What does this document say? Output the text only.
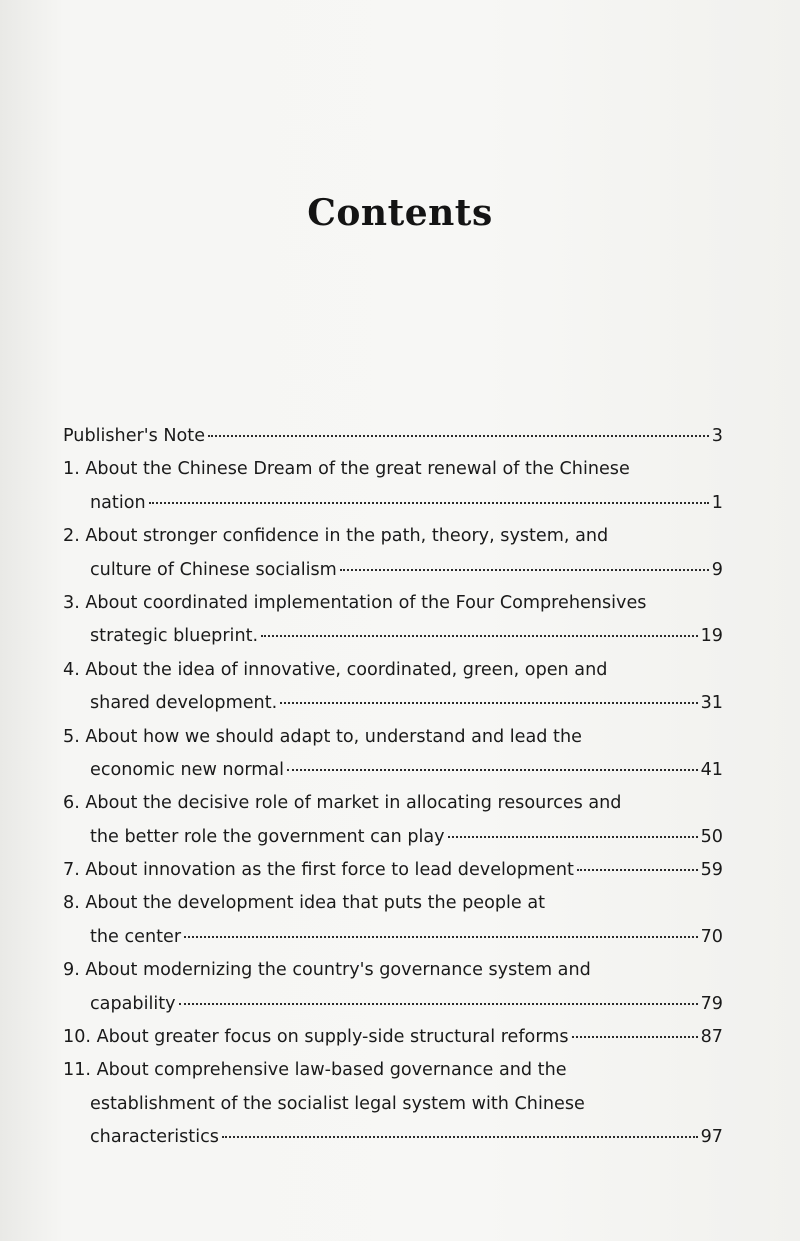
Contents
Publisher's Note	3
1. About the Chinese Dream of the great renewal of the Chinese
nation	1
2. About stronger confidence in the path, theory, system, and
culture of Chinese socialism	9
3. About coordinated implementation of the Four Comprehensives
strategic blueprint.	19
4. About the idea of innovative, coordinated, green, open and
shared development.	31
5. About how we should adapt to, understand and lead the
economic new normal	41
6. About the decisive role of market in allocating resources and
the better role the government can play	50
7. About innovation as the first force to lead development	59
8. About the development idea that puts the people at
the center	70
9. About modernizing the country's governance system and
capability	79
10. About greater focus on supply-side structural reforms	87
11. About comprehensive law-based governance and the
establishment of the socialist legal system with Chinese
characteristics	97
